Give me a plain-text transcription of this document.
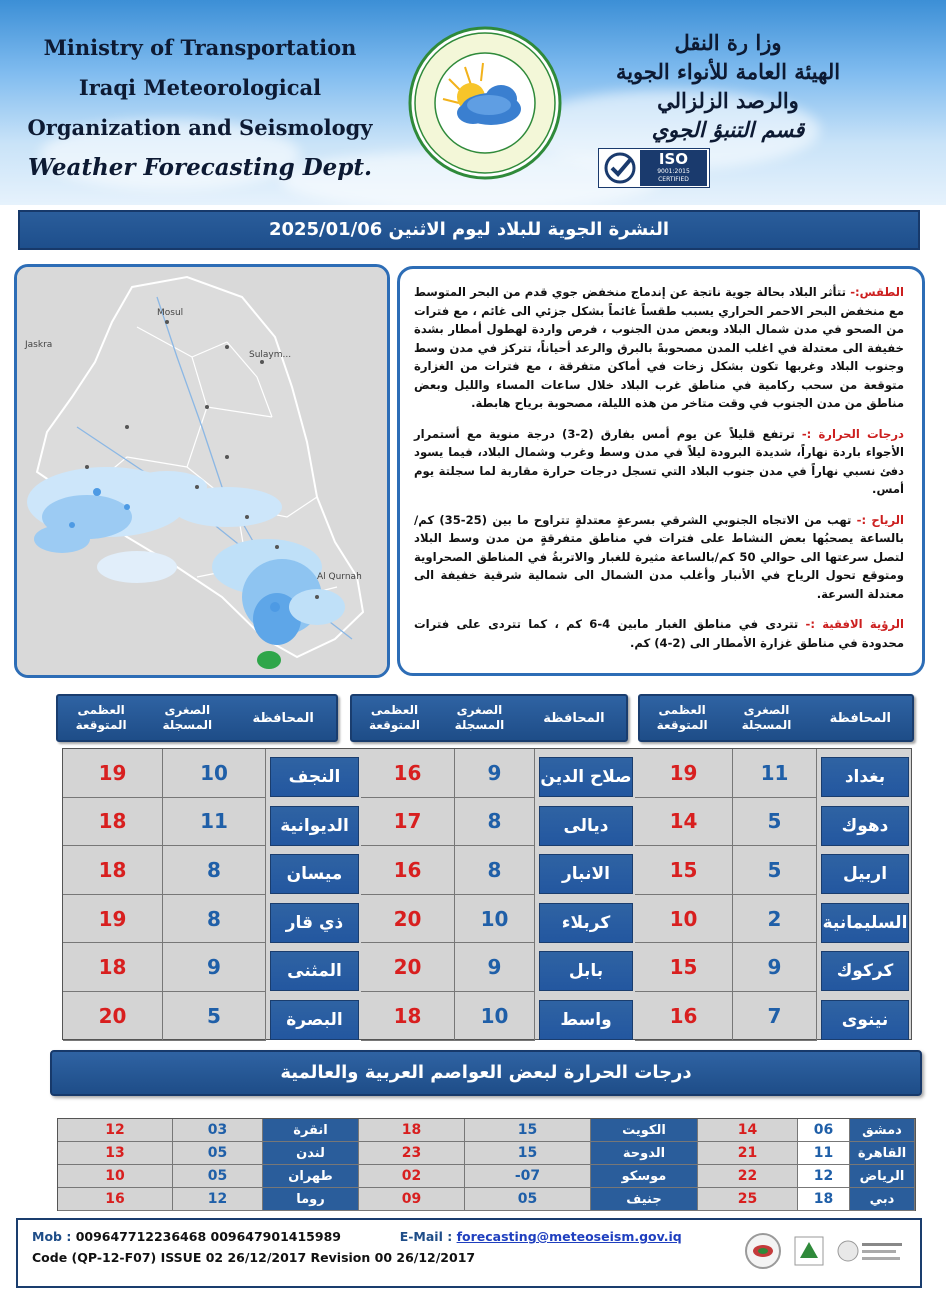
Ministry of Transportation
Iraqi Meteorological
Organization and Seismology
Weather Forecasting Dept.
وزا رة النقل
الهيئة العامة للأنواء الجوية
والرصد الزلزالي
قسم التنبؤ الجوي
ISO
9001:2015
CERTIFIED
النشرة الجوية للبلاد ليوم الاثنين 2025/01/06
Mosul
Sulaym...
Al Qurnah
Jaskra

الطقس:- تتأثر البلاد بحالة جوية ناتجة عن إندماج منخفض جوي قدم من البحر المتوسط مع منخفض البحر الاحمر الحراري يسبب طقساً غائماً بشكل جزئي الى غائم ، مع فترات من الصحو في مدن شمال البلاد وبعض مدن الجنوب ، فرص واردة لهطول أمطار بشدة خفيفة الى معتدلة في اغلب المدن مصحوبةً بالبرق والرعد أحياناً، تتركز في مدن وسط وجنوب البلاد وغربها تكون بشكل زخات في أماكن متفرقة ، مع فترات من الغزارة متوقعة من سحب ركامية في مناطق غرب البلاد خلال ساعات المساء والليل وبعض مناطق من مدن الجنوب في وقت متاخر من هذه الليلة، مصحوبة برياح هابطة.

درجات الحرارة :- ترتفع قليلاً عن يوم أمس بفارق (2-3) درجة منوية مع أستمرار الأجواء باردة نهاراً، شديدة البرودة ليلاً في مدن وسط وغرب وشمال البلاد، فيما يسود دفئ نسبي نهاراً في مدن جنوب البلاد التي تسجل درجات حرارة مقاربة لما سجلتة يوم أمس.

الرياح :- تهب من الاتجاه الجنوبي الشرقي بسرعةٍ معتدلةٍ تتراوح ما بين (25-35) كم/ بالساعة يصحبُها بعض النشاط على فترات في مناطق متفرقةٍ من مدن وسط البلاد لتصل سرعتها الى حوالي 50 كم/بالساعة مثيرة للغبار والاتربةُ في المناطق الصحراوية ومتوقع تحول الرياح في الأنبار وأغلب مدن الشمال الى شمالية شرقية خفيفة الى معتدلة السرعة.

الرؤية الافقية :- تتردى في مناطق الغبار مابين 4-6 كم ، كما تتردى على فترات محدودة في مناطق غزارة الأمطار الى (2-4) كم.

المحافظة
الصغرى المسجلة
العظمى المتوقعة
المحافظة
الصغرى المسجلة
العظمى المتوقعة
المحافظة
الصغرى المسجلة
العظمى المتوقعة
19	10	النجف	16	9	صلاح الدين	19	11	بغداد
18	11	الديوانية	17	8	ديالى	14	5	دهوك
18	8	ميسان	16	8	الانبار	15	5	اربيل
19	8	ذي قار	20	10	كربلاء	10	2	السليمانية
18	9	المثنى	20	9	بابل	15	9	كركوك
20	5	البصرة	18	10	واسط	16	7	نينوى
درجات الحرارة لبعض العواصم العربية والعالمية
12	03	انقرة	18	15	الكويت	14	06	دمشق
13	05	لندن	23	15	الدوحة	21	11	القاهرة
10	05	طهران	02	-07	موسكو	22	12	الرياض
16	12	روما	09	05	جنيف	25	18	دبي
Mob : 009647712236468 009647901415989	E-Mail : forecasting@meteoseism.gov.iq
Code (QP-12-F07) ISSUE 02 26/12/2017 Revision 00 26/12/2017
